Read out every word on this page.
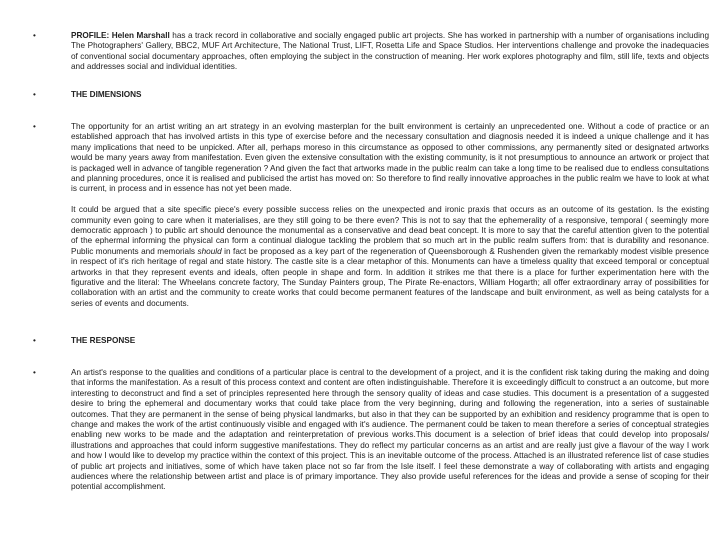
•	PROFILE: Helen Marshall has a track record in collaborative and socially engaged public art projects. She has worked in partnership with a number of organisations including The Photographers' Gallery, BBC2, MUF Art Architecture, The National Trust, LIFT, Rosetta Life and Space Studios. Her interventions challenge and provoke the inadequacies of conventional social documentary approaches, often employing the subject in the construction of meaning. Her work explores photography and film, still life, texts and objects and addresses social and individual identities.
•	THE DIMENSIONS
•	The opportunity for an artist writing an art strategy in an evolving masterplan for the built environment is certainly an unprecedented one. Without a code of practice or an established approach that has involved artists in this type of exercise before and the necessary consultation and diagnosis needed it is indeed a unique challenge and it has many implications that need to be unpicked. After all, perhaps moreso in this circumstance as opposed to other commissions, any permanently sited or designated artworks would be many years away from manifestation. Even given the extensive consultation with the existing community, is it not presumptious to announce an artwork or project that is packaged well in advance of tangible regeneration ? And given the fact that artworks made in the public realm can take a long time to be realised due to endless consultations and planning procedures, once it is realised and publicised the artist has moved on: So therefore to find really innovative approaches in the public realm we have to look at what is current, in process and in essence has not yet been made.

It could be argued that a site specific piece's every possible success relies on the unexpected and ironic praxis that occurs as an outcome of its gestation. Is the existing community even going to care when it materialises, are they still going to be there even? This is not to say that the ephemerality of a responsive, temporal ( seemingly more democratic approach ) to public art should denounce the monumental as a conservative and dead beat concept. It is more to say that the careful attention given to the potential of the ephermal informing the physical can form a continual dialogue tackling the problem that so much art in the public realm suffers from: that is durability and resonance. Public monuments and memorials should in fact be proposed as a key part of the regeneration of Queensborough & Rushenden given the remarkably modest visible presence in respect of it's rich heritage of regal and state history. The castle site is a clear metaphor of this. Monuments can have a timeless quality that exceed temporal or conceptual artworks in that they represent events and ideals, often people in shape and form. In addition it strikes me that there is a place for further experimentation here with the figurative and the literal: The Wheelans concrete factory, The Sunday Painters group, The Pirate Re-enactors, William Hogarth; all offer extraordinary array of possibilities for collaboration with an artist and the community to create works that could become permanent features of the landscape and built environment, as well as being catalysts for a series of events and documents.

•	THE RESPONSE
•	An artist's response to the qualities and conditions of a particular place is central to the development of a project, and it is the confident risk taking during the making and doing that informs the manifestation. As a result of this process context and content are often indistinguishable. Therefore it is exceedingly difficult to construct a an outcome, but more interesting to deconstruct and find a set of principles represented here through the sensory quality of ideas and case studies. This document is a presentation of a suggested desire to bring the ephemeral and documentary works that could take place from the very beginning, during and following the regeneration, into a series of sustainable outcomes. That they are permanent in the sense of being physical landmarks, but also in that they can be supported by an exhibition and residency programme that is open to change and makes the work of the artist continuously visible and engaged with it's audience. The permanent could be taken to mean therefore a series of conceptual strategies enabling new works to be made and the adaptation and reinterpretation of previous works.This document is a selection of brief ideas that could develop into proposals/ illustrations and approaches that could inform suggestive manifestations. They do reflect my particular concerns as an artist and are really just give a flavour of the way I work and how I would like to develop my practice within the context of this project. This is an inevitable outcome of the process. Attached is an illustrated reference list of case studies of public art projects and initiatives, some of which have taken place not so far from the Isle itself. I feel these demonstrate a way of collaborating with artists and engaging audiences where the relationship between artist and place is of primary importance. They also provide useful references for the ideas and provide a sense of scoping for their potential accomplishment.
